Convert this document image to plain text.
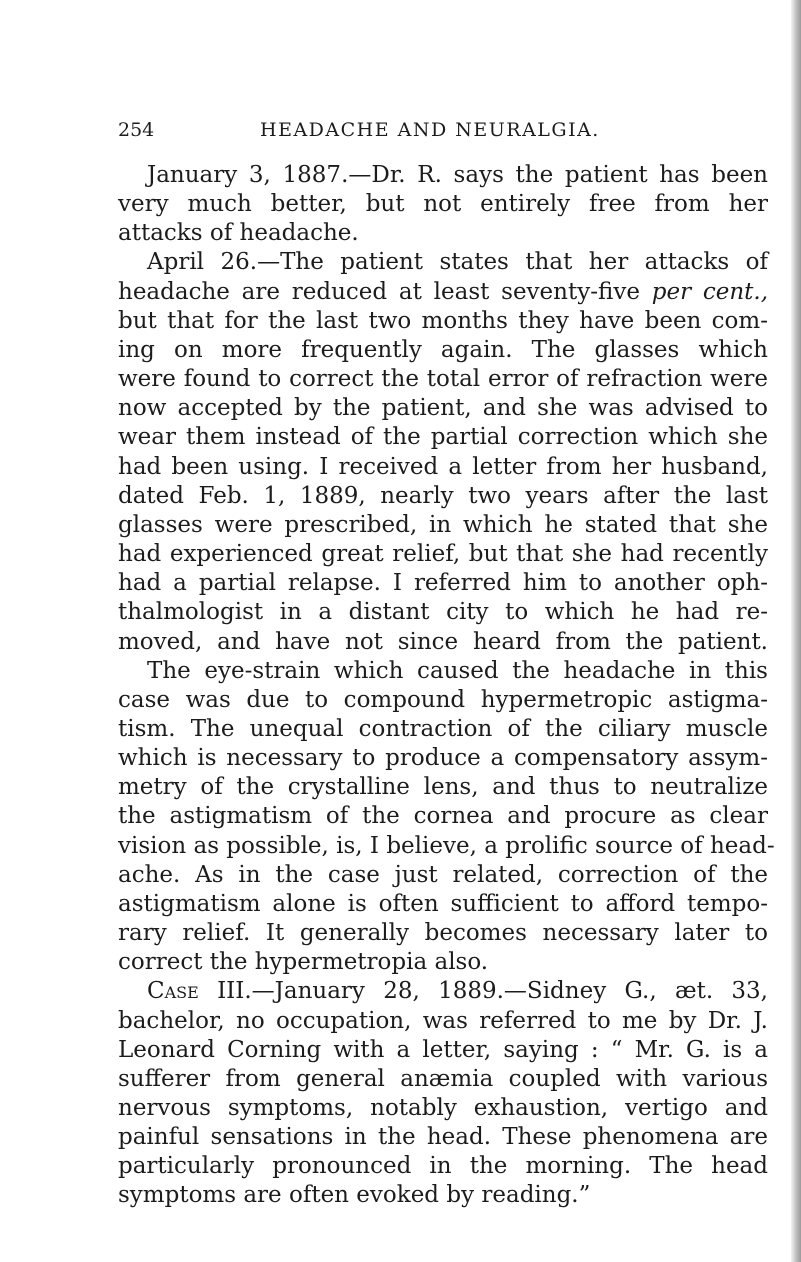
254	HEADACHE AND NEURALGIA.
January 3, 1887.—Dr. R. says the patient has been
very much better, but not entirely free from her
attacks of headache.
April 26.—The patient states that her attacks of
headache are reduced at least seventy-five per cent.,
but that for the last two months they have been com-
ing on more frequently again. The glasses which
were found to correct the total error of refraction were
now accepted by the patient, and she was advised to
wear them instead of the partial correction which she
had been using. I received a letter from her husband,
dated Feb. 1, 1889, nearly two years after the last
glasses were prescribed, in which he stated that she
had experienced great relief, but that she had recently
had a partial relapse. I referred him to another oph-
thalmologist in a distant city to which he had re-
moved, and have not since heard from the patient.
The eye-strain which caused the headache in this
case was due to compound hypermetropic astigma-
tism. The unequal contraction of the ciliary muscle
which is necessary to produce a compensatory assym-
metry of the crystalline lens, and thus to neutralize
the astigmatism of the cornea and procure as clear
vision as possible, is, I believe, a prolific source of head-
ache. As in the case just related, correction of the
astigmatism alone is often sufficient to afford tempo-
rary relief. It generally becomes necessary later to
correct the hypermetropia also.
Case III.—January 28, 1889.—Sidney G., æt. 33,
bachelor, no occupation, was referred to me by Dr. J.
Leonard Corning with a letter, saying : “ Mr. G. is a
sufferer from general anæmia coupled with various
nervous symptoms, notably exhaustion, vertigo and
painful sensations in the head. These phenomena are
particularly pronounced in the morning. The head
symptoms are often evoked by reading.”
